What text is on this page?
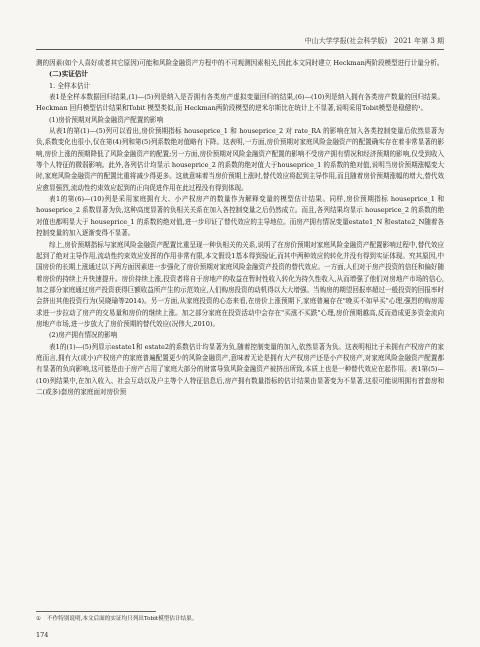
中山大学学报(社会科学版)　2021 年第 3 期

测的因素(如个人喜好或者其它原因)可能和风险金融资产方程中的不可观测因素相关,因此本文同时建立 Heckman两阶段模型进行计量分析。

(二)实证估计

1. 全样本估计

表1是全样本数据回归结果,(1)—(5)列是纳入是否拥有各类房产虚拟变量回归的结果,(6)—(10)列是纳入拥有各类房产数量的回归结果。Heckman 回归模型估计结果和Tobit 模型类似,而 Heckman两阶段模型的逆米尔斯比在统计上不显著,说明采用Tobit模型是稳健的¹。

(1)房价预期对风险金融资产配置的影响

从表1的第(1)—(5)列可以看出,房价预期指标 houseprice_1 和 houseprice_2 对 rate_RA 的影响在加入各类控制变量后依然显著为负,系数变化也很小,仅在第(4)列和第(5)列系数绝对值略有下降。这表明,一方面,房价预期对家庭风险金融资产的配置确实存在着非常显著的影响,房价上涨的预期降低了风险金融资产的配置;另一方面,房价预期对风险金融资产配置的影响不受房产拥有情况和经济预期的影响,仅受到收入等个人特征的微弱影响。此外,各列估计均显示 houseprice_2 的系数的绝对值大于houseprice_1 的系数的绝对值,说明当房价预期涨幅变大时,家庭风险金融资产的配置比重将减少得更多。这就意味着当房价预期上涨时,替代效应将起到主导作用,而且随着房价预期涨幅的增大,替代效应愈显强烈,流动性约束效应起到的正向促进作用在此过程没有得到体现。

表1的第(6)—(10)列是采用家庭拥有大、小产权房产的数量作为解释变量的模型估计结果。同样,房价预期指标 houseprice_1 和 houseprice_2 系数显著为负,这种高度显著的负相关关系在加入各控制变量之后仍然成立。而且,各列结果均显示 houseprice_2 的系数的绝对值也都明显大于 houseprice_1 的系数的绝对值,进一步印证了替代效应的主导地位。而房产拥有情况变量estate1_N 和estate2_N随着各控制变量的加入逐渐变得不显著。

综上,房价预期指标与家庭风险金融资产配置比重呈现一种负相关的关系,说明了在房价预期对家庭风险金融资产配置影响过程中,替代效应起到了绝对主导作用,流动性约束效应发挥的作用非常有限,本文假设1基本得到验证,而其中两种效应的转化并没有得到实证体现。究其原因,中国房价的长期上涨通过以下两方面因素进一步强化了房价预期对家庭风险金融资产投资的替代效应。一方面,人们对于房产投资的信任和偏好随着房价的持续上升快速提升。房价持续上涨,投资者将自于房地产的收益在暂时性收入转化为持久性收入,从而增强了他们对房地产市场的信心,加之部分家庭通过房产投资获得巨额收益所产生的示范效应,人们购房投资的动机得以大大增强。当购房的期望回报率超过一般投资的回报率时会挤出其他投资行为(吴晓瑜等2014)。另一方面,从家庭投资的心态来看,在房价上涨预期下,家庭普遍存在"晚买不如早买"心理,强烈的购房需求进一步拉动了房产的交易量和房价的继续上涨。加之部分家庭在投资活动中会存在"买涨不买跌"心理,房价预期越高,反而造成更多资金流向房地产市场,进一步放大了房价预期的替代效应(况伟大,2010)。

(2)房产拥有情况的影响

表1的(1)—(5)列显示estate1和 estate2的系数估计均显著为负,随着控制变量的加入,依然显著为负。这表明相比于未拥有产权房产的家庭而言,拥有大(或小)产权房产的家庭普遍配置更少的风险金融资产,意味着无论是拥有大产权房产还是小产权房产,对家庭风险金融资产配置都有显著的负向影响,这可能是由于房产占用了家庭大部分的财富导致风险金融资产被挤出所致,本质上也是一种替代效应在起作用。表1第(5)—(10)列结果中,在加入收入、社会互动以及户主等个人特征信息后,房产拥有数量指标的估计结果由显著变为不显著,这很可能说明拥有首套房和二(或多)套房的家庭面对房价预

① 不作特别说明,本文后面的实证均只列出Tobit模型估计结果。
174
